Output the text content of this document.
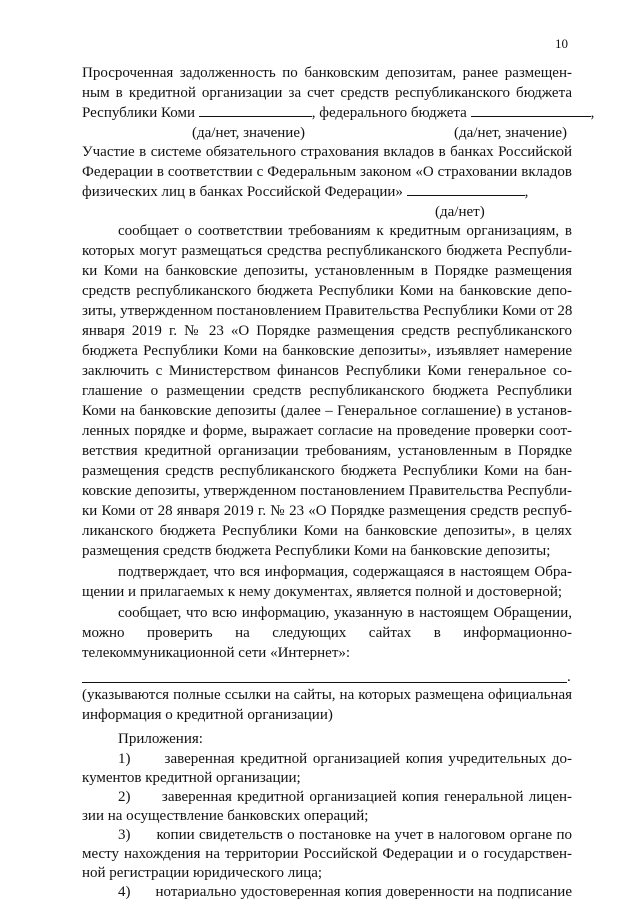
10
Просроченная задолженность по банковским депозитам, ранее размещен-
ным в кредитной организации за счет средств республиканского бюджета
Республики Коми	, федерального бюджета	,
(да/нет, значение)	(да/нет, значение)
Участие в системе обязательного страхования вкладов в банках Российской
Федерации в соответствии с Федеральным законом «О страховании вкладов
физических лиц в банках Российской Федерации»	,
(да/нет)
сообщает о соответствии требованиям к кредитным организациям, в
которых могут размещаться средства республиканского бюджета Республи-
ки Коми на банковские депозиты, установленным в Порядке размещения
средств республиканского бюджета Республики Коми на банковские депо-
зиты, утвержденном постановлением Правительства Республики Коми от 28
января 2019 г. № 23 «О Порядке размещения средств республиканского
бюджета Республики Коми на банковские депозиты», изъявляет намерение
заключить с Министерством финансов Республики Коми генеральное со-
глашение о размещении средств республиканского бюджета Республики
Коми на банковские депозиты (далее – Генеральное соглашение) в установ-
ленных порядке и форме, выражает согласие на проведение проверки соот-
ветствия кредитной организации требованиям, установленным в Порядке
размещения средств республиканского бюджета Республики Коми на бан-
ковские депозиты, утвержденном постановлением Правительства Республи-
ки Коми от 28 января 2019 г. № 23 «О Порядке размещения средств респуб-
ликанского бюджета Республики Коми на банковские депозиты», в целях
размещения средств бюджета Республики Коми на банковские депозиты;
подтверждает, что вся информация, содержащаяся в настоящем Обра-
щении и прилагаемых к нему документах, является полной и достоверной;
сообщает, что всю информацию, указанную в настоящем Обращении,
можно проверить на следующих сайтах в информационно-
телекоммуникационной сети «Интернет»:
.
(указываются полные ссылки на сайты, на которых размещена официальная
информация о кредитной организации)
Приложения:
1)      заверенная кредитной организацией копия учредительных до-
кументов кредитной организации;
2)      заверенная кредитной организацией копия генеральной лицен-
зии на осуществление банковских операций;
3)      копии свидетельств о постановке на учет в налоговом органе по
месту нахождения на территории Российской Федерации и о государствен-
ной регистрации юридического лица;
4)      нотариально удостоверенная копия доверенности на подписание
